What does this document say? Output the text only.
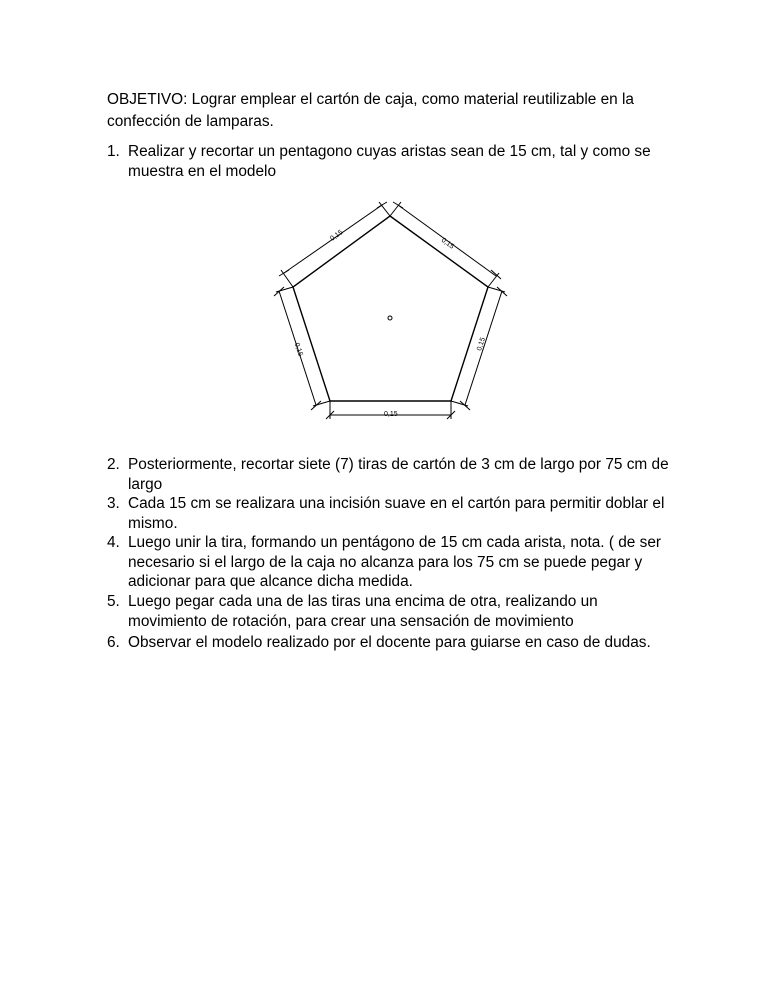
OBJETIVO: Lograr emplear el cartón de caja, como material reutilizable en la confección de lamparas.
1. Realizar y recortar un pentagono cuyas aristas sean de 15 cm, tal y como se muestra en el modelo
0,15
0,15
0,15	0,15
0,15
2. Posteriormente, recortar siete (7) tiras de cartón de 3 cm de largo por 75 cm de largo
3. Cada 15 cm se realizara una incisión suave en el cartón para permitir doblar el mismo.
4. Luego unir la tira, formando un pentágono de 15 cm cada arista, nota. ( de ser necesario si el largo de la caja no alcanza para los 75 cm se puede pegar y adicionar para que alcance dicha medida.
5. Luego pegar cada una de las tiras una encima de otra, realizando un movimiento de rotación, para crear una sensación de movimiento
6. Observar el modelo realizado por el docente para guiarse en caso de dudas.
